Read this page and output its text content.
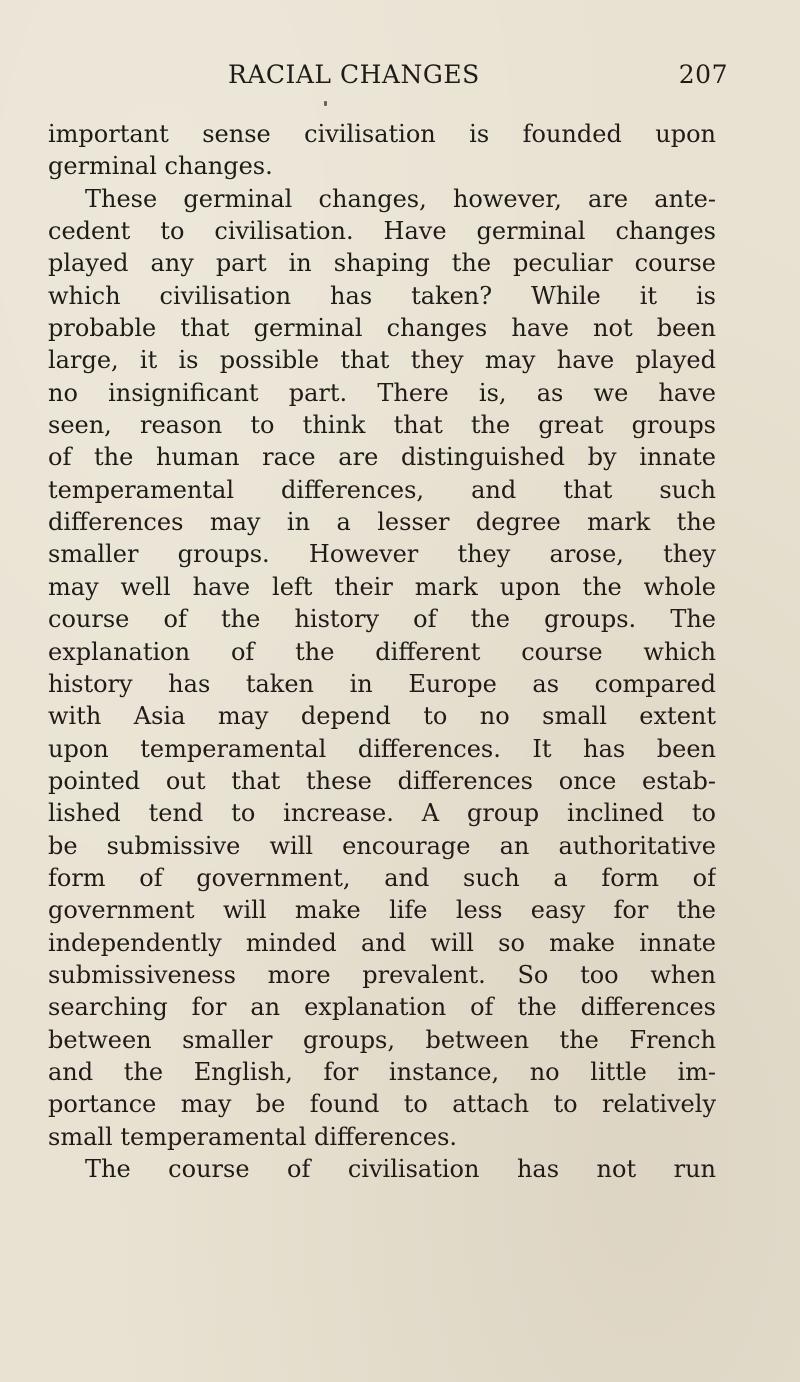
RACIAL CHANGES	207
important sense civilisation is founded upon
germinal changes.
These germinal changes, however, are ante-
cedent to civilisation. Have germinal changes
played any part in shaping the peculiar course
which civilisation has taken? While it is
probable that germinal changes have not been
large, it is possible that they may have played
no insignificant part. There is, as we have
seen, reason to think that the great groups
of the human race are distinguished by innate
temperamental differences, and that such
differences may in a lesser degree mark the
smaller groups. However they arose, they
may well have left their mark upon the whole
course of the history of the groups. The
explanation of the different course which
history has taken in Europe as compared
with Asia may depend to no small extent
upon temperamental differences. It has been
pointed out that these differences once estab-
lished tend to increase. A group inclined to
be submissive will encourage an authoritative
form of government, and such a form of
government will make life less easy for the
independently minded and will so make innate
submissiveness more prevalent. So too when
searching for an explanation of the differences
between smaller groups, between the French
and the English, for instance, no little im-
portance may be found to attach to relatively
small temperamental differences.
The course of civilisation has not run
